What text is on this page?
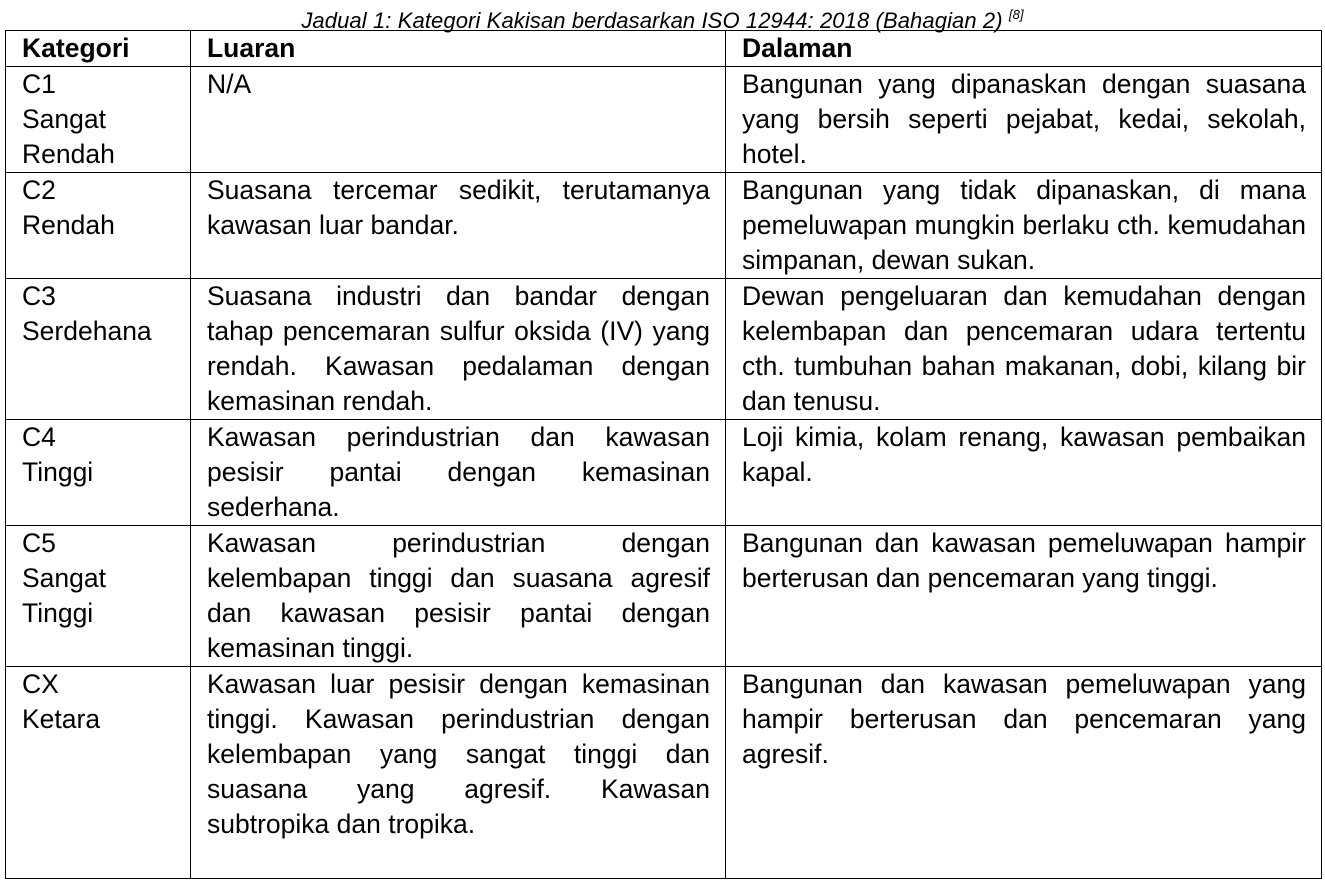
Jadual 1: Kategori Kakisan berdasarkan ISO 12944: 2018 (Bahagian 2) [8]
Kategori	Luaran	Dalaman

C1
Sangat Rendah	N/A	Bangunan yang dipanaskan dengan suasana yang bersih seperti pejabat, kedai, sekolah, hotel.

C2
Rendah	Suasana tercemar sedikit, terutamanya kawasan luar bandar.	Bangunan yang tidak dipanaskan, di mana pemeluwapan mungkin berlaku cth. kemudahan simpanan, dewan sukan.

C3
Serdehana	Suasana industri dan bandar dengan tahap pencemaran sulfur oksida (IV) yang rendah. Kawasan pedalaman dengan kemasinan rendah.	Dewan pengeluaran dan kemudahan dengan kelembapan dan pencemaran udara tertentu cth. tumbuhan bahan makanan, dobi, kilang bir dan tenusu.

C4
Tinggi	Kawasan perindustrian dan kawasan pesisir pantai dengan kemasinan sederhana.	Loji kimia, kolam renang, kawasan pembaikan kapal.

C5
Sangat Tinggi	Kawasan perindustrian dengan kelembapan tinggi dan suasana agresif dan kawasan pesisir pantai dengan kemasinan tinggi.	Bangunan dan kawasan pemeluwapan hampir berterusan dan pencemaran yang tinggi.

CX
Ketara	Kawasan luar pesisir dengan kemasinan tinggi. Kawasan perindustrian dengan kelembapan yang sangat tinggi dan suasana yang agresif. Kawasan subtropika dan tropika.	Bangunan dan kawasan pemeluwapan yang hampir berterusan dan pencemaran yang agresif.
